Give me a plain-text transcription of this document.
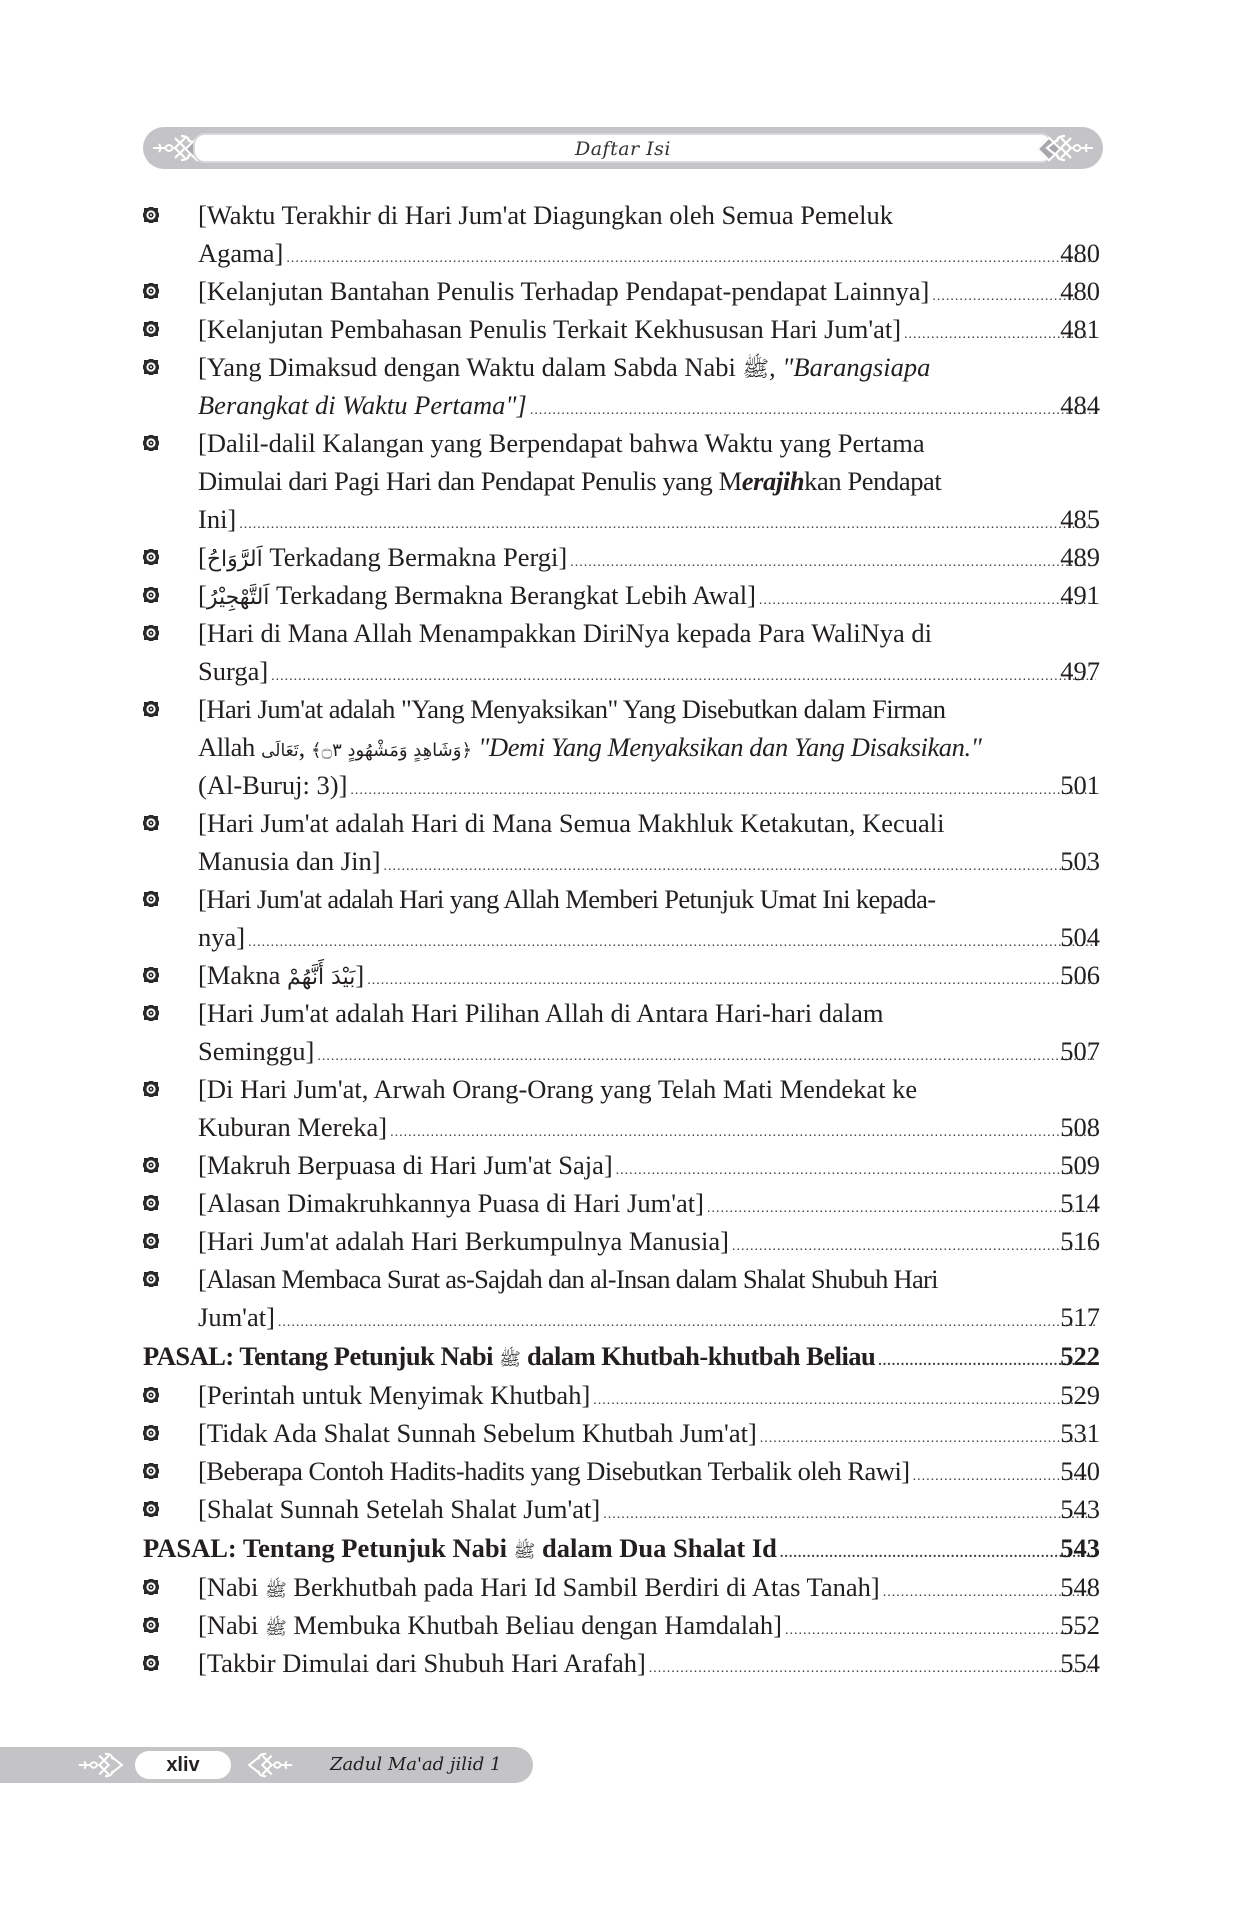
Daftar Isi
[Waktu Terakhir di Hari Jum'at Diagungkan oleh Semua Pemeluk
Agama] .....	480
[Kelanjutan Bantahan Penulis Terhadap Pendapat-pendapat Lainnya] .....	480
[Kelanjutan Pembahasan Penulis Terkait Kekhususan Hari Jum'at] .....	481
[Yang Dimaksud dengan Waktu dalam Sabda Nabi
ﷺ , "Barangsiapa
Berangkat di Waktu Pertama"] .....	484
[Dalil-dalil Kalangan yang Berpendapat bahwa Waktu yang Pertama
Dimulai dari Pagi Hari dan Pendapat Penulis yang M erajih kan Pendapat
Ini] .....	485
[ اَلرَّوَاحُ
Terkadang Bermakna Pergi] .....	489
[ اَلتَّهْجِيْرُ
Terkadang Bermakna Berangkat Lebih Awal] .....	491
[Hari di Mana Allah Menampakkan DiriNya kepada Para WaliNya di
Surga] .....	497
[Hari Jum'at adalah "Yang Menyaksikan" Yang Disebutkan dalam Firman
Allah
تَعَالَى , ﴿وَشَاهِدٍ وَمَشْهُودٍ ۝٣﴾
"Demi Yang Menyaksikan dan Yang Disaksikan."
(Al-Buruj: 3)] .....	501
[Hari Jum'at adalah Hari di Mana Semua Makhluk Ketakutan, Kecuali
Manusia dan Jin] .....	503
[Hari Jum'at adalah Hari yang Allah Memberi Petunjuk Umat Ini kepada-
nya] .....	504
[Makna
بَيْدَ أَنَّهُمْ ] .....	506
[Hari Jum'at adalah Hari Pilihan Allah di Antara Hari-hari dalam
Seminggu] .....	507
[Di Hari Jum'at, Arwah Orang-Orang yang Telah Mati Mendekat ke
Kuburan Mereka] .....	508
[Makruh Berpuasa di Hari Jum'at Saja] .....	509
[Alasan Dimakruhkannya Puasa di Hari Jum'at] .....	514
[Hari Jum'at adalah Hari Berkumpulnya Manusia] .....	516
[Alasan Membaca Surat as-Sajdah dan al-Insan dalam Shalat Shubuh Hari
Jum'at] .....	517
PASAL: Tentang Petunjuk Nabi
ﷺ
dalam Khutbah-khutbah Beliau .....	522
[Perintah untuk Menyimak Khutbah] .....	529
[Tidak Ada Shalat Sunnah Sebelum Khutbah Jum'at] .....	531
[Beberapa Contoh Hadits-hadits yang Disebutkan Terbalik oleh Rawi] .....	540
[Shalat Sunnah Setelah Shalat Jum'at] .....	543
PASAL: Tentang Petunjuk Nabi
ﷺ
dalam Dua Shalat Id .....	543
[Nabi
ﷺ
Berkhutbah pada Hari Id Sambil Berdiri di Atas Tanah] .....	548
[Nabi
ﷺ
Membuka Khutbah Beliau dengan Hamdalah] .....	552
[Takbir Dimulai dari Shubuh Hari Arafah] .....	554
xliv	Zadul Ma'ad jilid 1
